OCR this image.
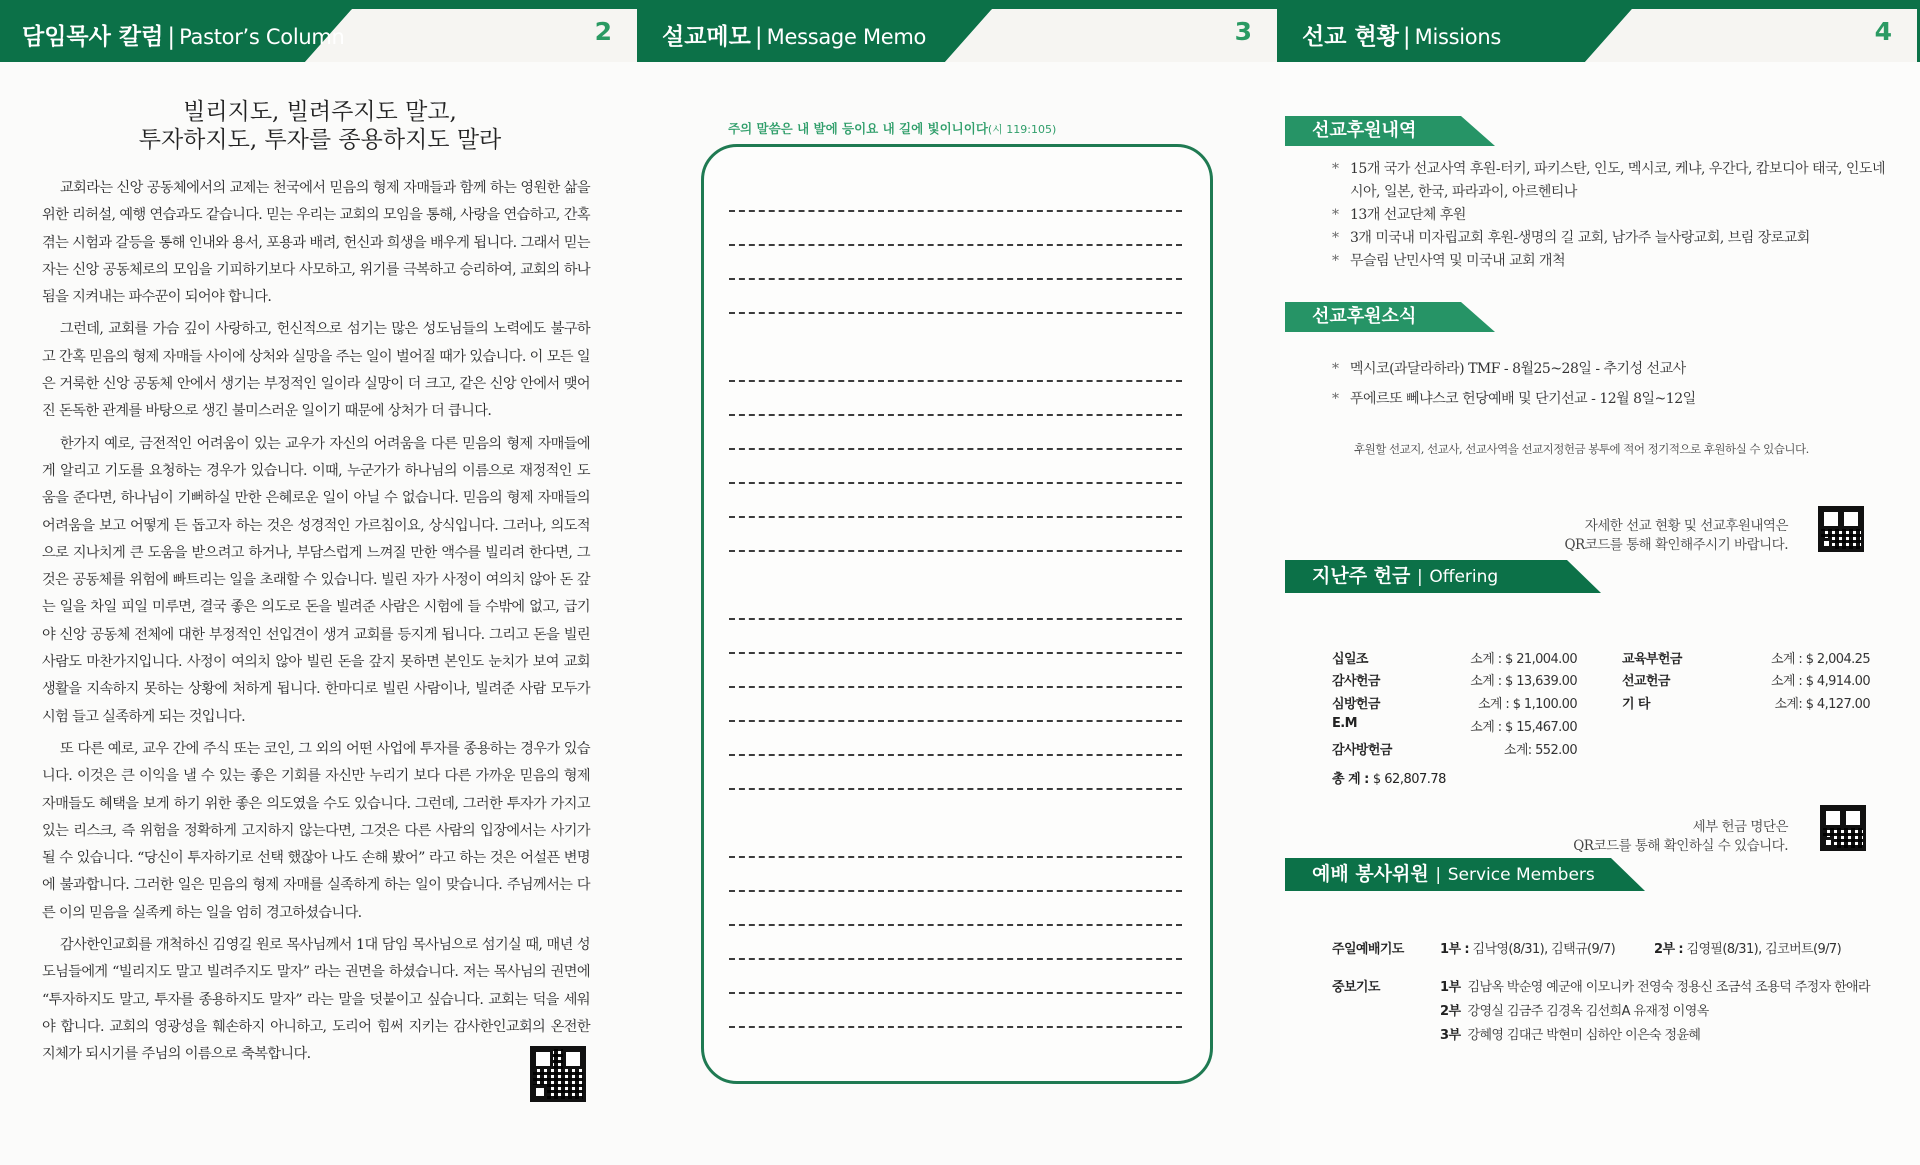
담임목사 칼럼 | Pastor’s Column	2
빌리지도, 빌려주지도 말고,
투자하지도, 투자를 종용하지도 말라

교회라는 신앙 공동체에서의 교제는 천국에서 믿음의 형제 자매들과 함께 하는 영원한 삶을 위한 리허설, 예행 연습과도 같습니다. 믿는 우리는 교회의 모임을 통해, 사랑을 연습하고, 간혹 겪는 시험과 갈등을 통해 인내와 용서, 포용과 배려, 헌신과 희생을 배우게 됩니다. 그래서 믿는 자는 신앙 공동체로의 모임을 기피하기보다 사모하고, 위기를 극복하고 승리하여, 교회의 하나됨을 지켜내는 파수꾼이 되어야 합니다.

그런데, 교회를 가슴 깊이 사랑하고, 헌신적으로 섬기는 많은 성도님들의 노력에도 불구하고 간혹 믿음의 형제 자매들 사이에 상처와 실망을 주는 일이 벌어질 때가 있습니다. 이 모든 일은 거룩한 신앙 공동체 안에서 생기는 부정적인 일이라 실망이 더 크고, 같은 신앙 안에서 맺어진 돈독한 관계를 바탕으로 생긴 불미스러운 일이기 때문에 상처가 더 큽니다.

한가지 예로, 금전적인 어려움이 있는 교우가 자신의 어려움을 다른 믿음의 형제 자매들에게 알리고 기도를 요청하는 경우가 있습니다. 이때, 누군가가 하나님의 이름으로 재정적인 도움을 준다면, 하나님이 기뻐하실 만한 은혜로운 일이 아닐 수 없습니다. 믿음의 형제 자매들의 어려움을 보고 어떻게 든 돕고자 하는 것은 성경적인 가르침이요, 상식입니다. 그러나, 의도적으로 지나치게 큰 도움을 받으려고 하거나, 부담스럽게 느껴질 만한 액수를 빌리려 한다면, 그것은 공동체를 위험에 빠트리는 일을 초래할 수 있습니다. 빌린 자가 사정이 여의치 않아 돈 갚는 일을 차일 피일 미루면, 결국 좋은 의도로 돈을 빌려준 사람은 시험에 들 수밖에 없고, 급기야 신앙 공동체 전체에 대한 부정적인 선입견이 생겨 교회를 등지게 됩니다. 그리고 돈을 빌린 사람도 마찬가지입니다. 사정이 여의치 않아 빌린 돈을 갚지 못하면 본인도 눈치가 보여 교회생활을 지속하지 못하는 상황에 처하게 됩니다. 한마디로 빌린 사람이나, 빌려준 사람 모두가 시험 들고 실족하게 되는 것입니다.

또 다른 예로, 교우 간에 주식 또는 코인, 그 외의 어떤 사업에 투자를 종용하는 경우가 있습니다. 이것은 큰 이익을 낼 수 있는 좋은 기회를 자신만 누리기 보다 다른 가까운 믿음의 형제 자매들도 혜택을 보게 하기 위한 좋은 의도였을 수도 있습니다. 그런데, 그러한 투자가 가지고 있는 리스크, 즉 위험을 정확하게 고지하지 않는다면, 그것은 다른 사람의 입장에서는 사기가 될 수 있습니다. “당신이 투자하기로 선택 했잖아 나도 손해 봤어” 라고 하는 것은 어설픈 변명에 불과합니다. 그러한 일은 믿음의 형제 자매를 실족하게 하는 일이 맞습니다. 주님께서는 다른 이의 믿음을 실족케 하는 일을 엄히 경고하셨습니다.

감사한인교회를 개척하신 김영길 원로 목사님께서 1대 담임 목사님으로 섬기실 때, 매년 성도님들에게 “빌리지도 말고 빌려주지도 말자” 라는 권면을 하셨습니다. 저는 목사님의 권면에 “투자하지도 말고, 투자를 종용하지도 말자” 라는 말을 덧붙이고 싶습니다. 교회는 덕을 세워야 합니다. 교회의 영광성을 훼손하지 아니하고, 도리어 힘써 지키는 감사한인교회의 온전한 지체가 되시기를 주님의 이름으로 축복합니다.

설교메모 | Message Memo	3
주의 말씀은 내 발에 등이요 내 길에 빛이니이다(시 119:105)
선교 현황 | Missions	4
선교후원내역
* 15개 국가 선교사역 후원-터키, 파키스탄, 인도, 멕시코, 케냐, 우간다, 캄보디아 태국, 인도네시아, 일본, 한국, 파라과이, 아르헨티나
* 13개 선교단체 후원
* 3개 미국내 미자립교회 후원-생명의 길 교회, 남가주 늘사랑교회, 브림 장로교회
* 무슬림 난민사역 및 미국내 교회 개척
선교후원소식
* 멕시코(과달라하라) TMF - 8월25~28일 - 추기성 선교사
* 푸에르또 뻬냐스코 헌당예배 및 단기선교 - 12월 8일~12일
후원할 선교지, 선교사, 선교사역을 선교지정헌금 봉투에 적어 정기적으로 후원하실 수 있습니다.
자세한 선교 현황 및 선교후원내역은
QR코드를 통해 확인해주시기 바랍니다.
지난주 헌금 | Offering
십일조	소계 : $ 21,004.00
감사헌금	소계 : $ 13,639.00
심방헌금	소계 : $ 1,100.00
E.M	소계 : $ 15,467.00
감사방헌금	소계: 552.00
교육부헌금	소계 : $ 2,004.25
선교헌금	소계 : $ 4,914.00
기 타	소계: $ 4,127.00
총 계 : $ 62,807.78
세부 헌금 명단은
QR코드를 통해 확인하실 수 있습니다.
예배 봉사위원 | Service Members
주일예배기도	1부 : 김낙영(8/31), 김택규(9/7)	2부 : 김영필(8/31), 김코버트(9/7)
중보기도	1부 김남옥 박순영 예군애 이모니카 전영숙 정용신 조금석 조용덕 주정자 한애라
2부 강영실 김금주 김경옥 김선희A 유재정 이영옥
3부 강혜영 김대근 박현미 심하안 이은숙 정윤혜
